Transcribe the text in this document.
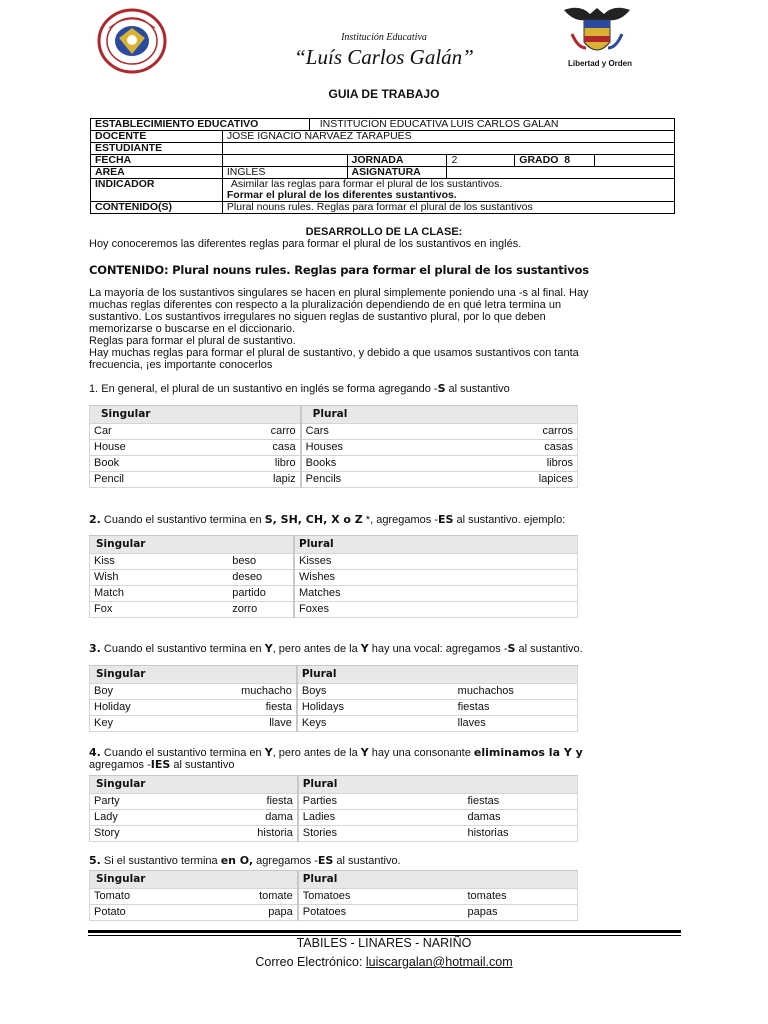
Institución Educativa
“Luís Carlos Galán”	Libertad y Orden
GUIA DE TRABAJO
ESTABLECIMIENTO EDUCATIVO		INSTITUCIÓN EDUCATIVA LUIS CARLOS GALAN				
DOCENTE	JOSE IGNACIO NARVAEZ TARAPUES					
ESTUDIANTE						
FECHA			JORNADA	2	GRADO 8	
AREA	INGLES		ASIGNATURA			
INDICADOR	Asimilar las reglas para formar el plural de los sustantivos.
Formar el plural de los diferentes sustantivos.					

CONTENIDO(S)	Plural nouns rules. Reglas para formar el plural de los sustantivos					
DESARROLLO DE LA CLASE:
Hoy conoceremos las diferentes reglas para formar el plural de los sustantivos en inglés.
CONTENIDO: Plural nouns rules. Reglas para formar el plural de los sustantivos
La mayoría de los sustantivos singulares se hacen en plural simplemente poniendo una -s al final. Hay
muchas reglas diferentes con respecto a la pluralización dependiendo de en qué letra termina un
sustantivo. Los sustantivos irregulares no siguen reglas de sustantivo plural, por lo que deben
memorizarse o buscarse en el diccionario.
Reglas para formar el plural de sustantivo.
Hay muchas reglas para formar el plural de sustantivo, y debido a que usamos sustantivos con tanta
frecuencia, ¡es importante conocerlos
1. En general, el plural de un sustantivo en inglés se forma agregando -S al sustantivo
Singular		Plural	
Car	carro	Cars	carros
House	casa	Houses	casas
Book	libro	Books	libros
Pencil	lapiz	Pencils	lapices
2. Cuando el sustantivo termina en S, SH, CH, X o Z *, agregamos -ES al sustantivo. ejemplo:
Singular		Plural	
Kiss	beso	Kisses	
Wish	deseo	Wishes	
Match	partido	Matches	
Fox	zorro	Foxes	
3. Cuando el sustantivo termina en Y, pero antes de la Y hay una vocal: agregamos -S al sustantivo.
Singular		Plural	
Boy	muchacho	Boys	muchachos
Holiday	fiesta	Holidays	fiestas
Key	llave	Keys	llaves
4. Cuando el sustantivo termina en Y, pero antes de la Y hay una consonante eliminamos la Y y
agregamos -IES al sustantivo
Singular		Plural	
Party	fiesta	Parties	fiestas
Lady	dama	Ladies	damas
Story	historia	Stories	historias
5. Si el sustantivo termina en O, agregamos -ES al sustantivo.
Singular		Plural	
Tomato	tomate	Tomatoes	tomates
Potato	papa	Potatoes	papas
TABILES - LINARES - NARIÑO
Correo Electrónico: luiscargalan@hotmail.com
